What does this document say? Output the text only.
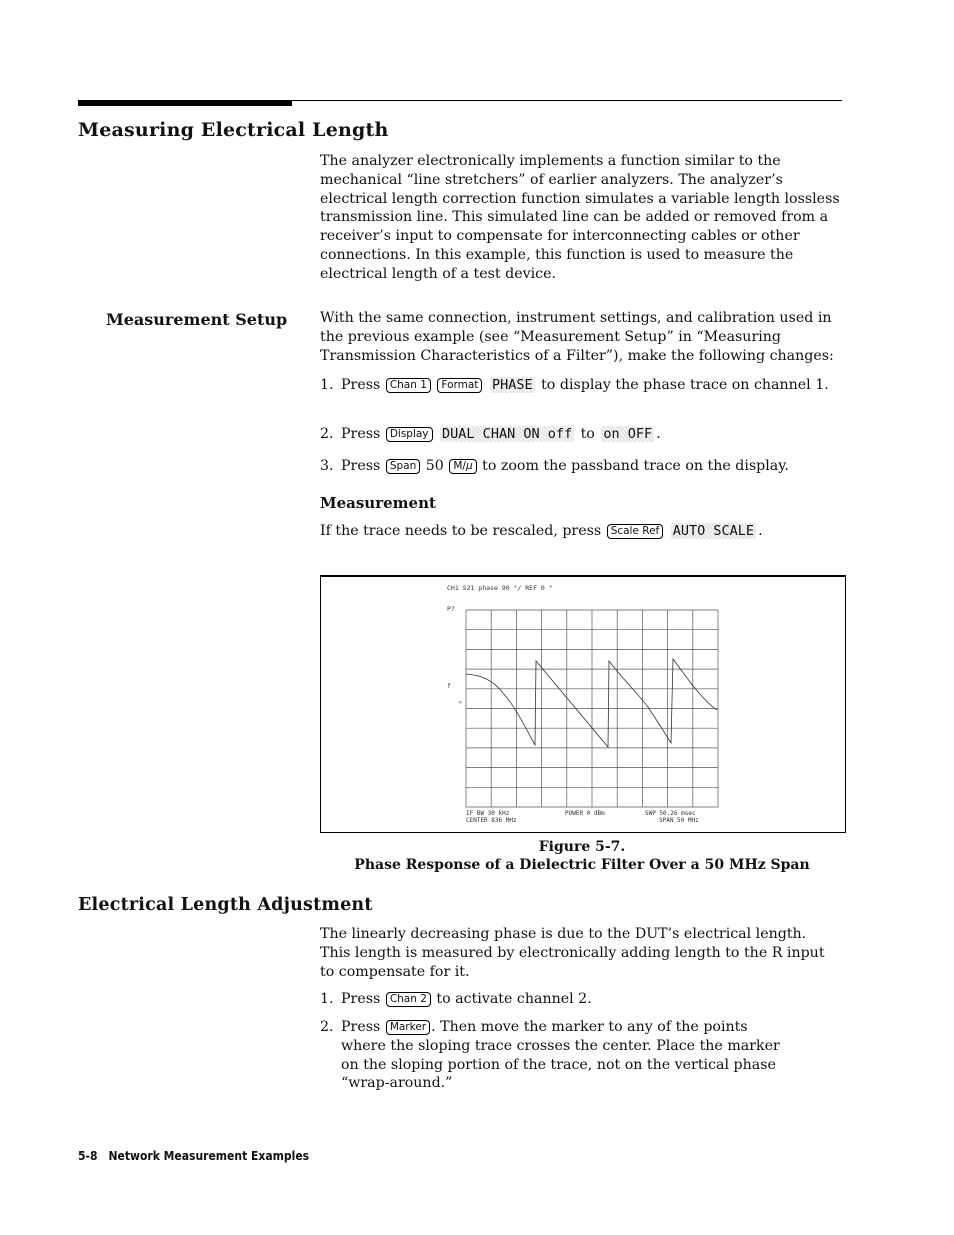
Measuring Electrical Length

The analyzer electronically implements a function similar to the mechanical “line stretchers” of earlier analyzers. The analyzer’s electrical length correction function simulates a variable length lossless transmission line. This simulated line can be added or removed from a receiver’s input to compensate for interconnecting cables or other connections. In this example, this function is used to measure the electrical length of a test device.

Measurement Setup With the same connection, instrument settings, and calibration used in the previous example (see “Measurement Setup” in “Measuring Transmission Characteristics of a Filter”), make the following changes:

1. Press Chan 1 Format PHASE to display the phase trace on channel 1.
2. Press Display DUAL CHAN ON off to on OFF .
3. Press Span 50 M/μ to zoom the passband trace on the display.
Measurement
If the trace needs to be rescaled, press Scale Ref AUTO SCALE .
CH1 S21 phase 90 °/ REF 0 °
P?
f
▹
IF BW 30 kHz	POWER 0 dBm	SWP 50.26 msec
CENTER 836 MHz	SPAN 50 MHz
Figure 5-7.
Phase Response of a Dielectric Filter Over a 50 MHz Span
Electrical Length Adjustment

The linearly decreasing phase is due to the DUT’s electrical length. This length is measured by electronically adding length to the R input to compensate for it.

1. Press Chan 2 to activate channel 2.
2. Press Marker . Then move the marker to any of the points where the sloping trace crosses the center. Place the marker on the sloping portion of the trace, not on the vertical phase “wrap-around.”
5-8 Network Measurement Examples
